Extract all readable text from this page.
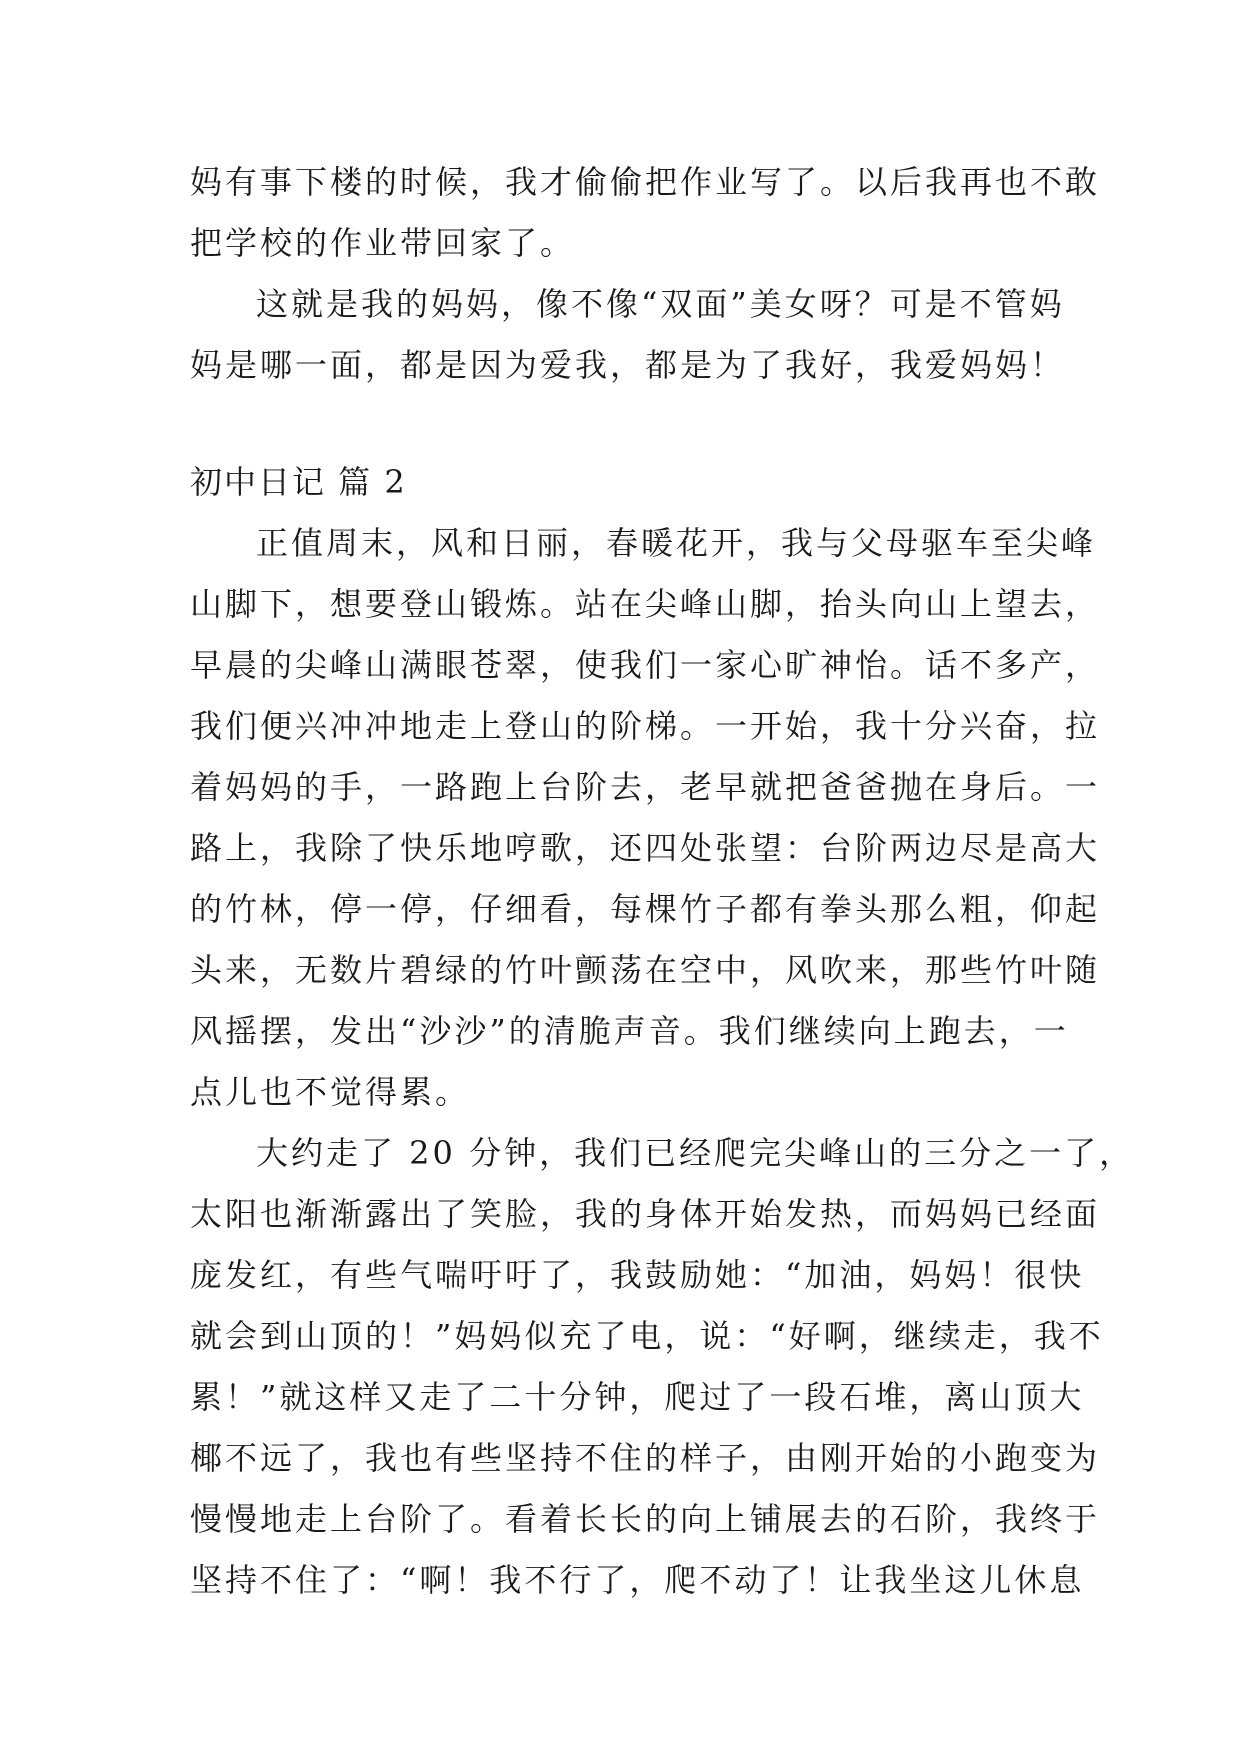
妈有事下楼的时候，我才偷偷把作业写了。以后我再也不敢
把学校的作业带回家了。
这就是我的妈妈，像不像“双面”美女呀？可是不管妈
妈是哪一面，都是因为爱我，都是为了我好，我爱妈妈！
初中日记 篇 2
正值周末，风和日丽，春暖花开，我与父母驱车至尖峰
山脚下，想要登山锻炼。站在尖峰山脚，抬头向山上望去，
早晨的尖峰山满眼苍翠，使我们一家心旷神怡。话不多产，
我们便兴冲冲地走上登山的阶梯。一开始，我十分兴奋，拉
着妈妈的手，一路跑上台阶去，老早就把爸爸抛在身后。一
路上，我除了快乐地哼歌，还四处张望：台阶两边尽是高大
的竹林，停一停，仔细看，每棵竹子都有拳头那么粗，仰起
头来，无数片碧绿的竹叶颤荡在空中，风吹来，那些竹叶随
风摇摆，发出“沙沙”的清脆声音。我们继续向上跑去，一
点儿也不觉得累。
大约走了 20 分钟，我们已经爬完尖峰山的三分之一了，
太阳也渐渐露出了笑脸，我的身体开始发热，而妈妈已经面
庞发红，有些气喘吁吁了，我鼓励她：“加油，妈妈！很快
就会到山顶的！”妈妈似充了电，说：“好啊，继续走，我不
累！”就这样又走了二十分钟，爬过了一段石堆，离山顶大
椰不远了，我也有些坚持不住的样子，由刚开始的小跑变为
慢慢地走上台阶了。看着长长的向上铺展去的石阶，我终于
坚持不住了：“啊！我不行了，爬不动了！让我坐这儿休息
